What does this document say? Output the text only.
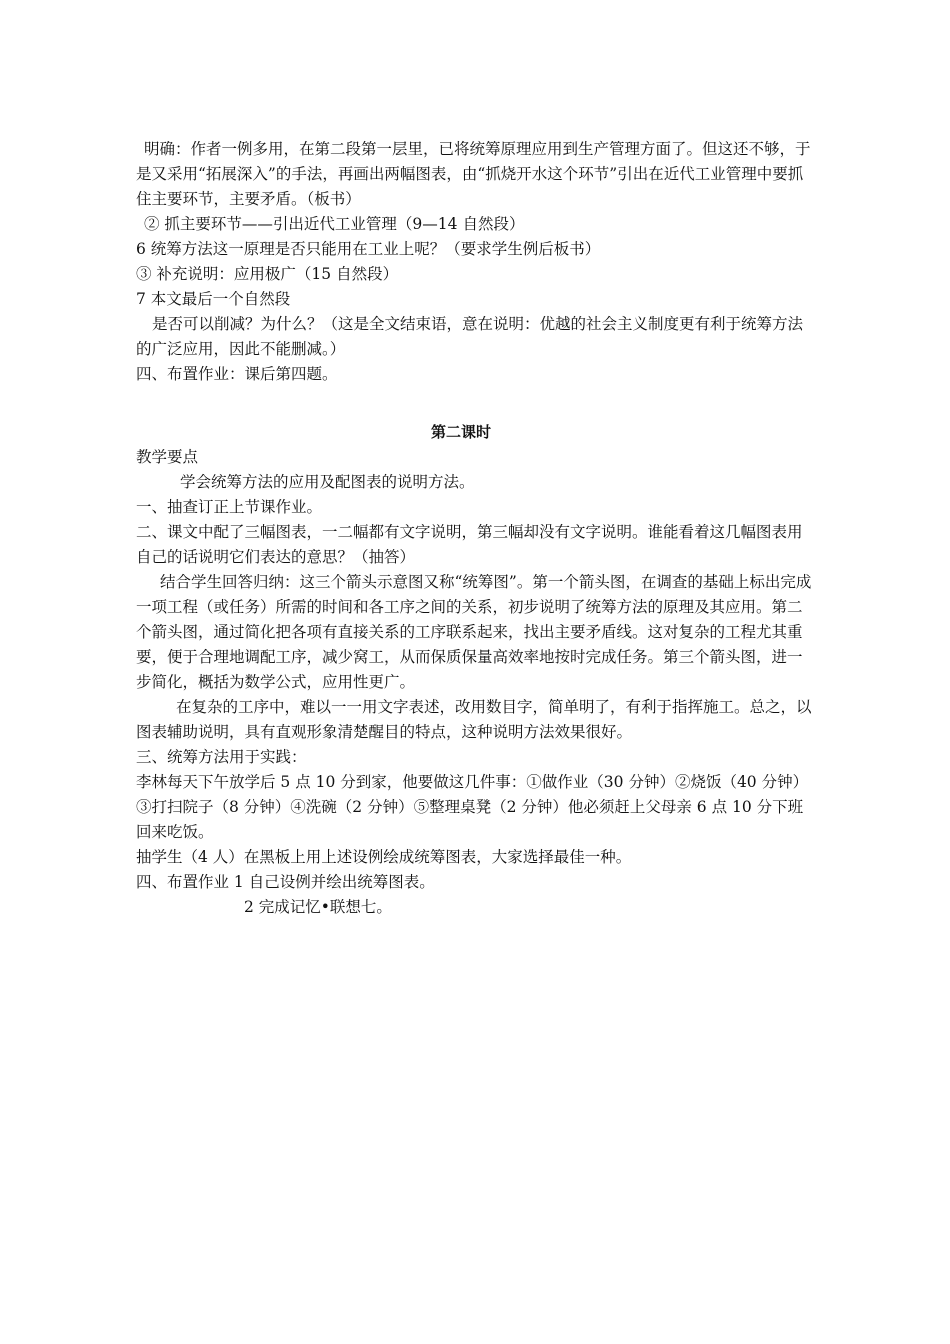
明确：作者一例多用，在第二段第一层里，已将统筹原理应用到生产管理方面了。但这还不够，于是又采用“拓展深入”的手法，再画出两幅图表，由“抓烧开水这个环节”引出在近代工业管理中要抓住主要环节，主要矛盾。（板书）

② 抓主要环节——引出近代工业管理（9—14 自然段）

6 统筹方法这一原理是否只能用在工业上呢？（要求学生例后板书）

③ 补充说明：应用极广（15 自然段）

7 本文最后一个自然段

是否可以削减？为什么？（这是全文结束语，意在说明：优越的社会主义制度更有利于统筹方法的广泛应用，因此不能删减。）

四、布置作业：课后第四题。

第二课时

教学要点

学会统筹方法的应用及配图表的说明方法。

一、抽查订正上节课作业。

二、课文中配了三幅图表，一二幅都有文字说明，第三幅却没有文字说明。谁能看着这几幅图表用自己的话说明它们表达的意思？（抽答）

结合学生回答归纳：这三个箭头示意图又称“统筹图”。第一个箭头图，在调查的基础上标出完成一项工程（或任务）所需的时间和各工序之间的关系，初步说明了统筹方法的原理及其应用。第二个箭头图，通过简化把各项有直接关系的工序联系起来，找出主要矛盾线。这对复杂的工程尤其重要，便于合理地调配工序，减少窝工，从而保质保量高效率地按时完成任务。第三个箭头图，进一步简化，概括为数学公式，应用性更广。

在复杂的工序中，难以一一用文字表述，改用数目字，简单明了，有利于指挥施工。总之，以图表辅助说明，具有直观形象清楚醒目的特点，这种说明方法效果很好。

三、统筹方法用于实践：

李林每天下午放学后 5 点 10 分到家，他要做这几件事：①做作业（30 分钟）②烧饭（40 分钟）③打扫院子（8 分钟）④洗碗（2 分钟）⑤整理桌凳（2 分钟）他必须赶上父母亲 6 点 10 分下班 回来吃饭。

抽学生（4 人）在黑板上用上述设例绘成统筹图表，大家选择最佳一种。

四、布置作业 1 自己设例并绘出统筹图表。

2 完成记忆•联想七。
